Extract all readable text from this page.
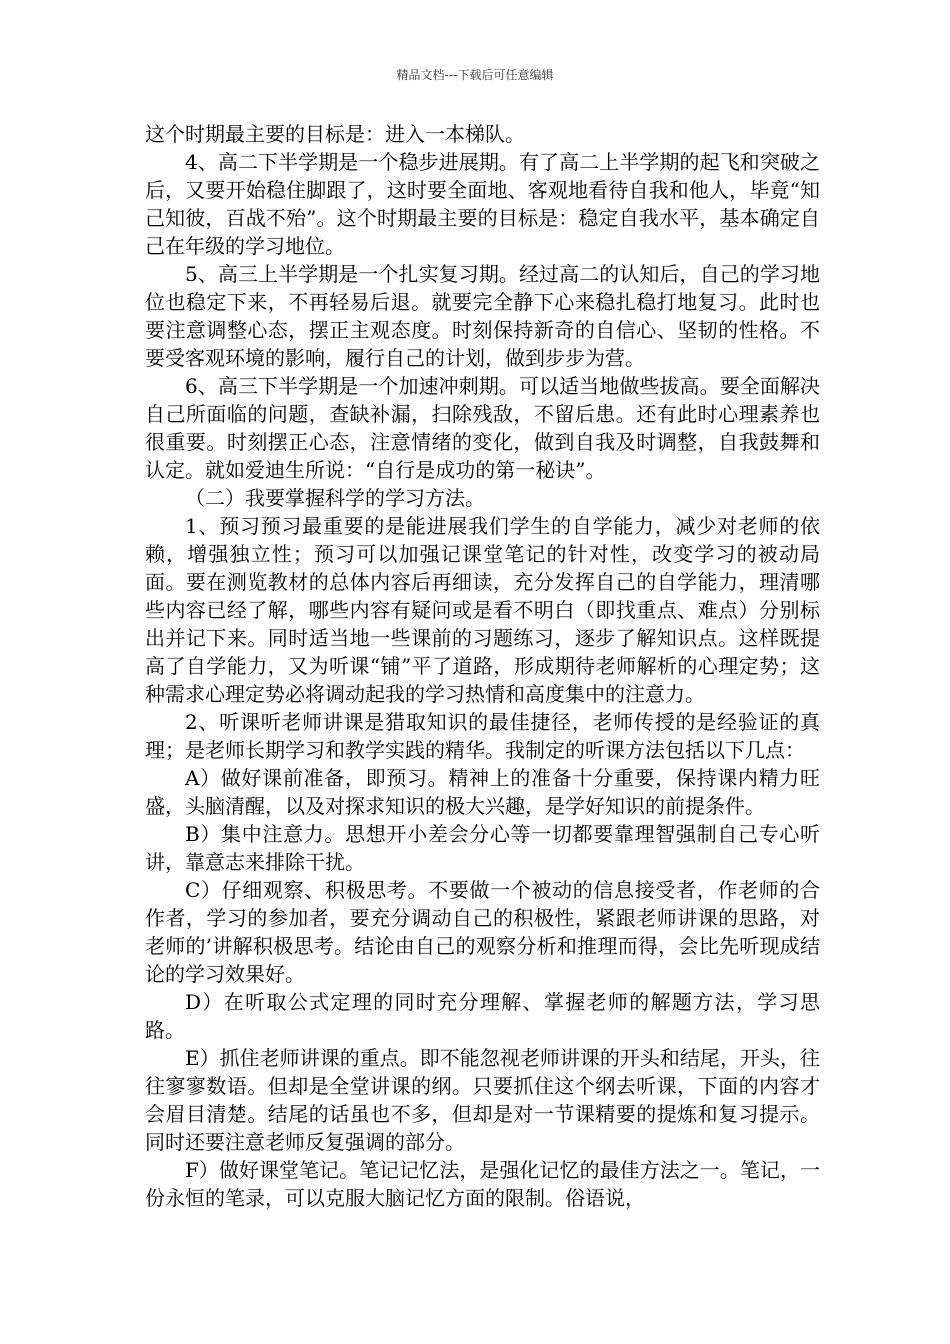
精品文档---下载后可任意编辑

这个时期最主要的目标是：进入一本梯队。

4、高二下半学期是一个稳步进展期。有了高二上半学期的起飞和突破之后，又要开始稳住脚跟了，这时要全面地、客观地看待自我和他人，毕竟“知己知彼，百战不殆”。这个时期最主要的目标是：稳定自我水平，基本确定自己在年级的学习地位。

5、高三上半学期是一个扎实复习期。经过高二的认知后，自己的学习地位也稳定下来，不再轻易后退。就要完全静下心来稳扎稳打地复习。此时也要注意调整心态，摆正主观态度。时刻保持新奇的自信心、坚韧的性格。不要受客观环境的影响，履行自己的计划，做到步步为营。

6、高三下半学期是一个加速冲刺期。可以适当地做些拔高。要全面解决自己所面临的问题，查缺补漏，扫除残敌，不留后患。还有此时心理素养也很重要。时刻摆正心态，注意情绪的变化，做到自我及时调整，自我鼓舞和认定。就如爱迪生所说：“自行是成功的第一秘诀”。

（二）我要掌握科学的学习方法。

1、预习预习最重要的是能进展我们学生的自学能力，减少对老师的依赖，增强独立性；预习可以加强记课堂笔记的针对性，改变学习的被动局面。要在测览教材的总体内容后再细读，充分发挥自己的自学能力，理清哪些内容已经了解，哪些内容有疑问或是看不明白（即找重点、难点）分别标出并记下来。同时适当地一些课前的习题练习，逐步了解知识点。这样既提高了自学能力，又为听课“铺”平了道路，形成期待老师解析的心理定势；这种需求心理定势必将调动起我的学习热情和高度集中的注意力。

2、听课听老师讲课是猎取知识的最佳捷径，老师传授的是经验证的真理；是老师长期学习和教学实践的精华。我制定的听课方法包括以下几点：

A）做好课前准备，即预习。精神上的准备十分重要，保持课内精力旺盛，头脑清醒，以及对探求知识的极大兴趣，是学好知识的前提条件。

B）集中注意力。思想开小差会分心等一切都要靠理智强制自己专心听讲，靠意志来排除干扰。

C）仔细观察、积极思考。不要做一个被动的信息接受者，作老师的合作者，学习的参加者，要充分调动自己的积极性，紧跟老师讲课的思路，对老师的’讲解积极思考。结论由自己的观察分析和推理而得，会比先听现成结论的学习效果好。

D）在听取公式定理的同时充分理解、掌握老师的解题方法，学习思路。

E）抓住老师讲课的重点。即不能忽视老师讲课的开头和结尾，开头，往往寥寥数语。但却是全堂讲课的纲。只要抓住这个纲去听课，下面的内容才会眉目清楚。结尾的话虽也不多，但却是对一节课精要的提炼和复习提示。同时还要注意老师反复强调的部分。

F）做好课堂笔记。笔记记忆法，是强化记忆的最佳方法之一。笔记，一份永恒的笔录，可以克服大脑记忆方面的限制。俗语说，
